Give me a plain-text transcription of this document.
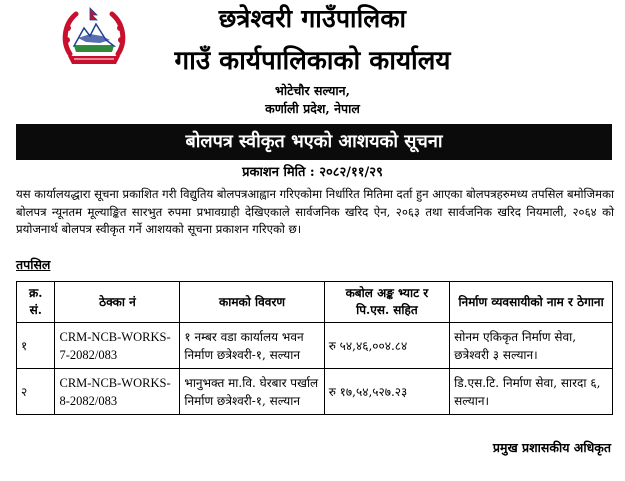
छत्रेश्वरी गाउँपालिका
गाउँ कार्यपालिकाको कार्यालय
भोटेचौर सल्यान,
कर्णाली प्रदेश, नेपाल
बोलपत्र स्वीकृत भएको आशयको सूचना
प्रकाशन मिति : २०८२/११/२९
यस कार्यालयद्धारा सूचना प्रकाशित गरी विद्युतिय बोलपत्रआह्वान गरिएकोमा निर्धारित मितिमा दर्ता हुन आएका बोलपत्रहरुमध्य तपसिल बमोजिमका बोलपत्र न्यूनतम मूल्याङ्कित सारभुत रुपमा प्रभावग्राही देखिएकाले सार्वजनिक खरिद ऐन, २०६३ तथा सार्वजनिक खरिद नियमाली, २०६४ को प्रयोजनार्थ बोलपत्र स्वीकृत गर्ने आशयको सूचना प्रकाशन गरिएको छ।
तपसिल
क्र. सं.	ठेक्का नं	कामको विवरण	कबोल अङ्क भ्याट र पि.एस. सहित	निर्माण व्यवसायीको नाम र ठेगाना
१	CRM-NCB-WORKS-7-2082/083	१ नम्बर वडा कार्यालय भवन निर्माण छत्रेश्वरी-१, सल्यान	रु ५४,४६,००४.८४	सोनम एकिकृत निर्माण सेवा, छत्रेश्वरी ३ सल्यान।
२	CRM-NCB-WORKS-8-2082/083	भानुभक्त मा.वि. घेरबार पर्खाल निर्माण छत्रेश्वरी-१, सल्यान	रु १७,५४,५२७.२३	डि.एस.टि. निर्माण सेवा, सारदा ६, सल्यान।
प्रमुख प्रशासकीय अधिकृत
